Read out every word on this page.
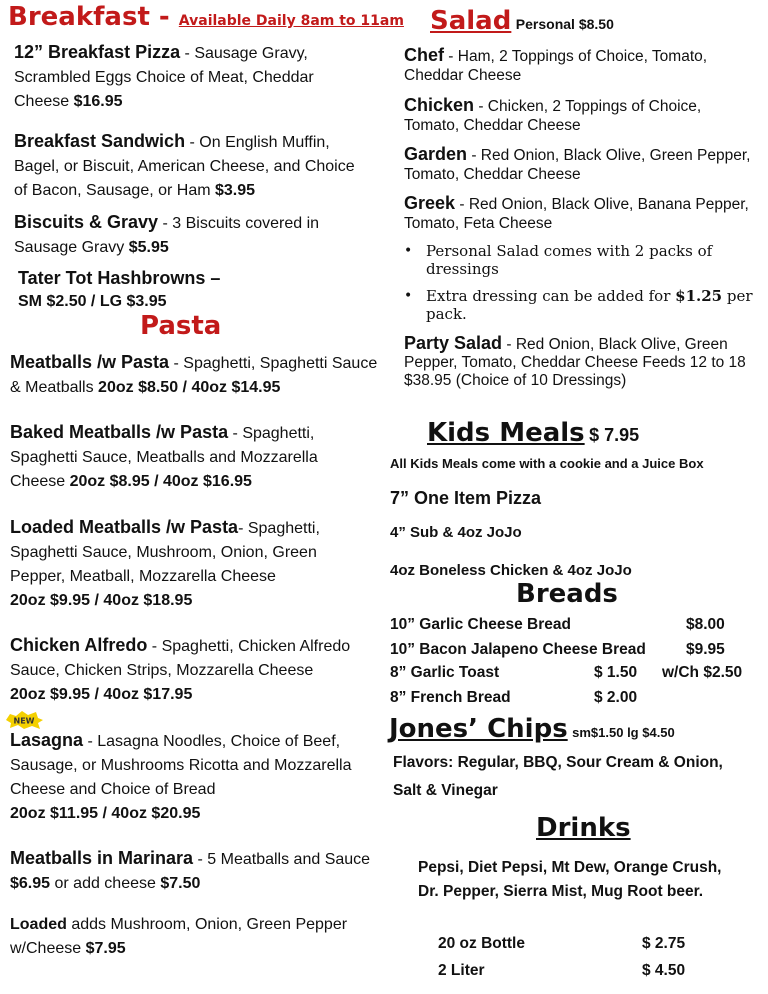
Breakfast - Available Daily 8am to 11am
12” Breakfast Pizza - Sausage Gravy, Scrambled Eggs Choice of Meat, Cheddar Cheese $16.95
Breakfast Sandwich - On English Muffin, Bagel, or Biscuit, American Cheese, and Choice of Bacon, Sausage, or Ham $3.95
Biscuits & Gravy - 3 Biscuits covered in Sausage Gravy $5.95
Tater Tot Hashbrowns –
SM $2.50 / LG $3.95
Pasta
Meatballs /w Pasta - Spaghetti, Spaghetti Sauce & Meatballs 20oz $8.50 / 40oz $14.95
Baked Meatballs /w Pasta - Spaghetti, Spaghetti Sauce, Meatballs and Mozzarella Cheese 20oz $8.95 / 40oz $16.95
Loaded Meatballs /w Pasta- Spaghetti, Spaghetti Sauce, Mushroom, Onion, Green Pepper, Meatball, Mozzarella Cheese
20oz $9.95 / 40oz $18.95
Chicken Alfredo - Spaghetti, Chicken Alfredo Sauce, Chicken Strips, Mozzarella Cheese
20oz $9.95 / 40oz $17.95
NEW
Lasagna - Lasagna Noodles, Choice of Beef, Sausage, or Mushrooms Ricotta and Mozzarella Cheese and Choice of Bread
20oz $11.95 / 40oz $20.95
Meatballs in Marinara - 5 Meatballs and Sauce $6.95 or add cheese $7.50
Loaded adds Mushroom, Onion, Green Pepper w/Cheese $7.95
Salad Personal $8.50
Chef - Ham, 2 Toppings of Choice, Tomato, Cheddar Cheese
Chicken - Chicken, 2 Toppings of Choice, Tomato, Cheddar Cheese
Garden - Red Onion, Black Olive, Green Pepper, Tomato, Cheddar Cheese
Greek - Red Onion, Black Olive, Banana Pepper, Tomato, Feta Cheese
• Personal Salad comes with 2 packs of dressings
• Extra dressing can be added for $1.25 per pack.
Party Salad - Red Onion, Black Olive, Green Pepper, Tomato, Cheddar Cheese Feeds 12 to 18 $38.95 (Choice of 10 Dressings)
Kids Meals $ 7.95
All Kids Meals come with a cookie and a Juice Box
7” One Item Pizza
4” Sub & 4oz JoJo
4oz Boneless Chicken & 4oz JoJo
Breads
10” Garlic Cheese Bread	$8.00
10” Bacon Jalapeno Cheese Bread	$9.95
8” Garlic Toast	$ 1.50 w/Ch $2.50
8” French Bread	$ 2.00
Jones’ Chips sm$1.50 lg $4.50
Flavors: Regular, BBQ, Sour Cream & Onion,
Salt & Vinegar
Drinks
Pepsi, Diet Pepsi, Mt Dew, Orange Crush, Dr. Pepper, Sierra Mist, Mug Root beer.
20 oz Bottle	$ 2.75
2 Liter	$ 4.50
